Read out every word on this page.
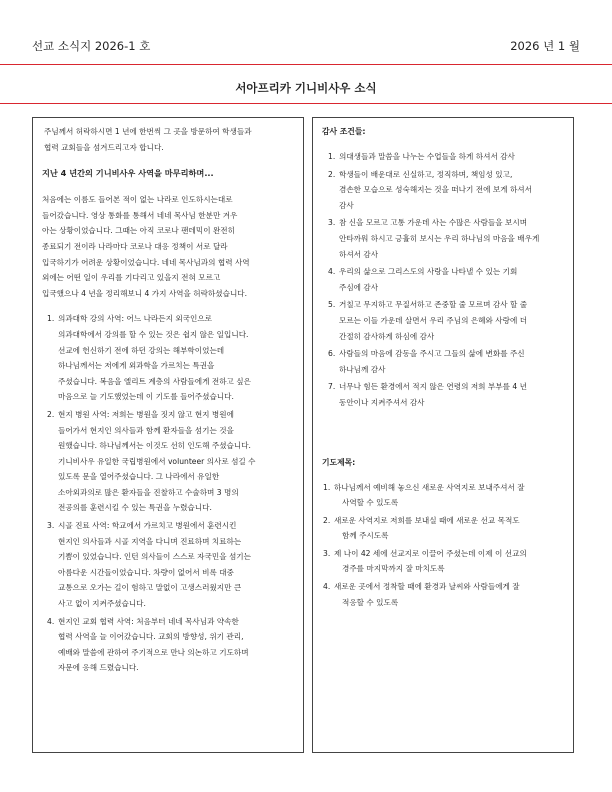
선교 소식지 2026-1 호	2026 년 1 월
서아프리카 기니비사우 소식
주님께서 허락하시면 1 년에 한번씩 그 곳을 방문하여 학생들과
협력 교회들을 섬겨드리고자 합니다.
지난 4 년간의 기니비사우 사역을 마무리하며...
처음에는 이름도 들어본 적이 없는 나라로 인도하시는대로
들어갔습니다. 영상 통화를 통해서 네네 목사님 한분만 겨우
아는 상황이었습니다. 그때는 아직 코로나 팬데믹이 완전히
종료되기 전이라 나라마다 코로나 대응 정책이 서로 달라
입국하기가 어려운 상황이었습니다. 네네 목사님과의 협력 사역
외에는 어떤 일이 우리를 기다리고 있을지 전혀 모르고
입국했으나 4 년을 정리해보니 4 가지 사역을 허락하셨습니다.
1. 의과대학 강의 사역: 어느 나라든지 외국인으로
의과대학에서 강의를 할 수 있는 것은 쉽지 않은 일입니다.
선교에 헌신하기 전에 하던 강의는 해부학이었는데
하나님께서는 저에게 외과학을 가르치는 특권을
주셨습니다. 복음을 엘리트 계층의 사람들에게 전하고 싶은
마음으로 늘 기도했었는데 이 기도를 들어주셨습니다.
2. 현지 병원 사역: 저희는 병원을 짓지 않고 현지 병원에
들어가서 현지인 의사들과 함께 환자들을 섬기는 것을
원했습니다. 하나님께서는 이것도 선히 인도해 주셨습니다.
기니비사우 유일한 국립병원에서 volunteer 의사로 섬길 수
있도록 문을 열어주셨습니다. 그 나라에서 유일한
소아외과의로 많은 환자들을 진찰하고 수술하며 3 명의
전공의를 훈련시킬 수 있는 특권을 누렸습니다.
3. 시골 진료 사역: 학교에서 가르치고 병원에서 훈련시킨
현지인 의사들과 시골 지역을 다니며 진료하며 치료하는
기쁨이 있었습니다. 인턴 의사들이 스스로 자국민을 섬기는
아름다운 시간들이었습니다. 차량이 없어서 비록 대중
교통으로 오가는 길이 험하고 말없이 고생스러웠지만 큰
사고 없이 지켜주셨습니다.
4. 현지인 교회 협력 사역: 처음부터 네네 목사님과 약속한
협력 사역을 늘 이어갔습니다. 교회의 방향성, 위기 관리,
예배와 말씀에 관하여 주기적으로 만나 의논하고 기도하며
자문에 응해 드렸습니다.
감사 조건들:
1. 의대생들과 말씀을 나누는 수업들을 하게 하셔서 감사
2. 학생들이 배운대로 신실하고, 정직하며, 책임성 있고,
겸손한 모습으로 성숙해지는 것을 떠나기 전에 보게 하셔서
감사
3. 참 신을 모르고 고통 가운데 사는 수많은 사람들을 보시며
안타까워 하시고 긍휼히 보시는 우리 하나님의 마음을 배우게
하셔서 감사
4. 우리의 삶으로 그리스도의 사랑을 나타낼 수 있는 기회
주심에 감사
5. 거칠고 무지하고 무질서하고 존중할 줄 모르며 감사 할 줄
모르는 이들 가운데 살면서 우리 주님의 은혜와 사랑에 더
간절히 감사하게 하심에 감사
6. 사람들의 마음에 감동을 주시고 그들의 삶에 변화를 주신
하나님께 감사
7. 너무나 힘든 환경에서 적지 않은 연령의 저희 부부를 4 년
동안이나 지켜주셔서 감사
기도제목:
1. 하나님께서 예비해 놓으신 새로운 사역지로 보내주셔서 잘
사역할 수 있도록
2. 새로운 사역지로 저희를 보내실 때에 새로운 선교 목적도
함께 주시도록
3. 제 나이 42 세에 선교지로 이끌어 주셨는데 이제 이 선교의
경주를 마지막까지 잘 마치도록
4. 새로운 곳에서 정착할 때에 환경과 날씨와 사람들에게 잘
적응할 수 있도록
